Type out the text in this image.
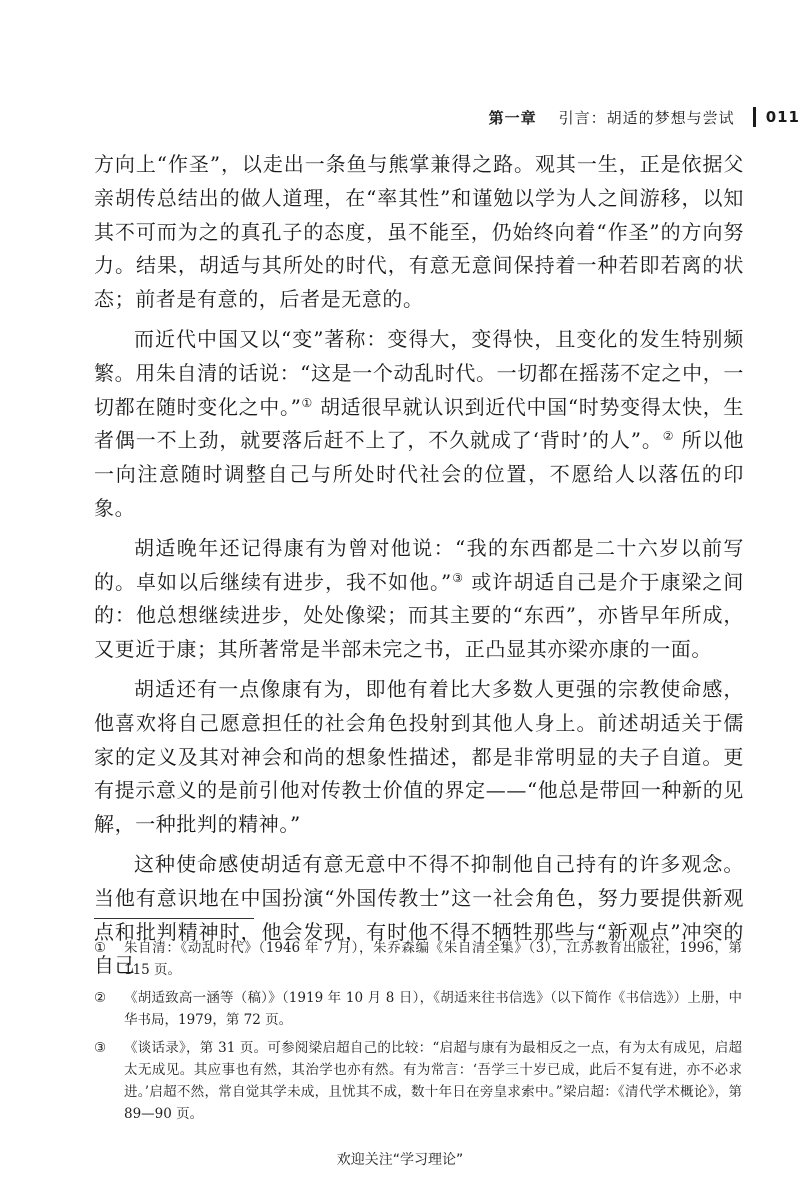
第一章 引言：胡适的梦想与尝试 011

方向上“作圣”，以走出一条鱼与熊掌兼得之路。观其一生，正是依据父亲胡传总结出的做人道理，在“率其性”和谨勉以学为人之间游移，以知其不可而为之的真孔子的态度，虽不能至，仍始终向着“作圣”的方向努力。结果，胡适与其所处的时代，有意无意间保持着一种若即若离的状态；前者是有意的，后者是无意的。

而近代中国又以“变”著称：变得大，变得快，且变化的发生特别频繁。用朱自清的话说：“这是一个动乱时代。一切都在摇荡不定之中，一切都在随时变化之中。”① 胡适很早就认识到近代中国“时势变得太快，生者偶一不上劲，就要落后赶不上了，不久就成了‘背时’的人”。② 所以他一向注意随时调整自己与所处时代社会的位置，不愿给人以落伍的印象。

胡适晚年还记得康有为曾对他说：“我的东西都是二十六岁以前写的。卓如以后继续有进步，我不如他。”③ 或许胡适自己是介于康梁之间的：他总想继续进步，处处像梁；而其主要的“东西”，亦皆早年所成，又更近于康；其所著常是半部未完之书，正凸显其亦梁亦康的一面。

胡适还有一点像康有为，即他有着比大多数人更强的宗教使命感，他喜欢将自己愿意担任的社会角色投射到其他人身上。前述胡适关于儒家的定义及其对神会和尚的想象性描述，都是非常明显的夫子自道。更有提示意义的是前引他对传教士价值的界定——“他总是带回一种新的见解，一种批判的精神。”

这种使命感使胡适有意无意中不得不抑制他自己持有的许多观念。当他有意识地在中国扮演“外国传教士”这一社会角色，努力要提供新观点和批判精神时，他会发现，有时他不得不牺牲那些与“新观点”冲突的自己

①	朱自清：《动乱时代》（1946 年 7 月），朱乔森编《朱自清全集》（3），江苏教育出版社，1996，第 115 页。
②	《胡适致高一涵等（稿）》（1919 年 10 月 8 日），《胡适来往书信选》（以下简作《书信选》）上册，中华书局，1979，第 72 页。
③	《谈话录》，第 31 页。可参阅梁启超自己的比较：“启超与康有为最相反之一点，有为太有成见，启超太无成见。其应事也有然，其治学也亦有然。有为常言：‘吾学三十岁已成，此后不复有进，亦不必求进。’启超不然，常自觉其学未成，且忧其不成，数十年日在旁皇求索中。”梁启超：《清代学术概论》，第 89—90 页。
欢迎关注“学习理论”
